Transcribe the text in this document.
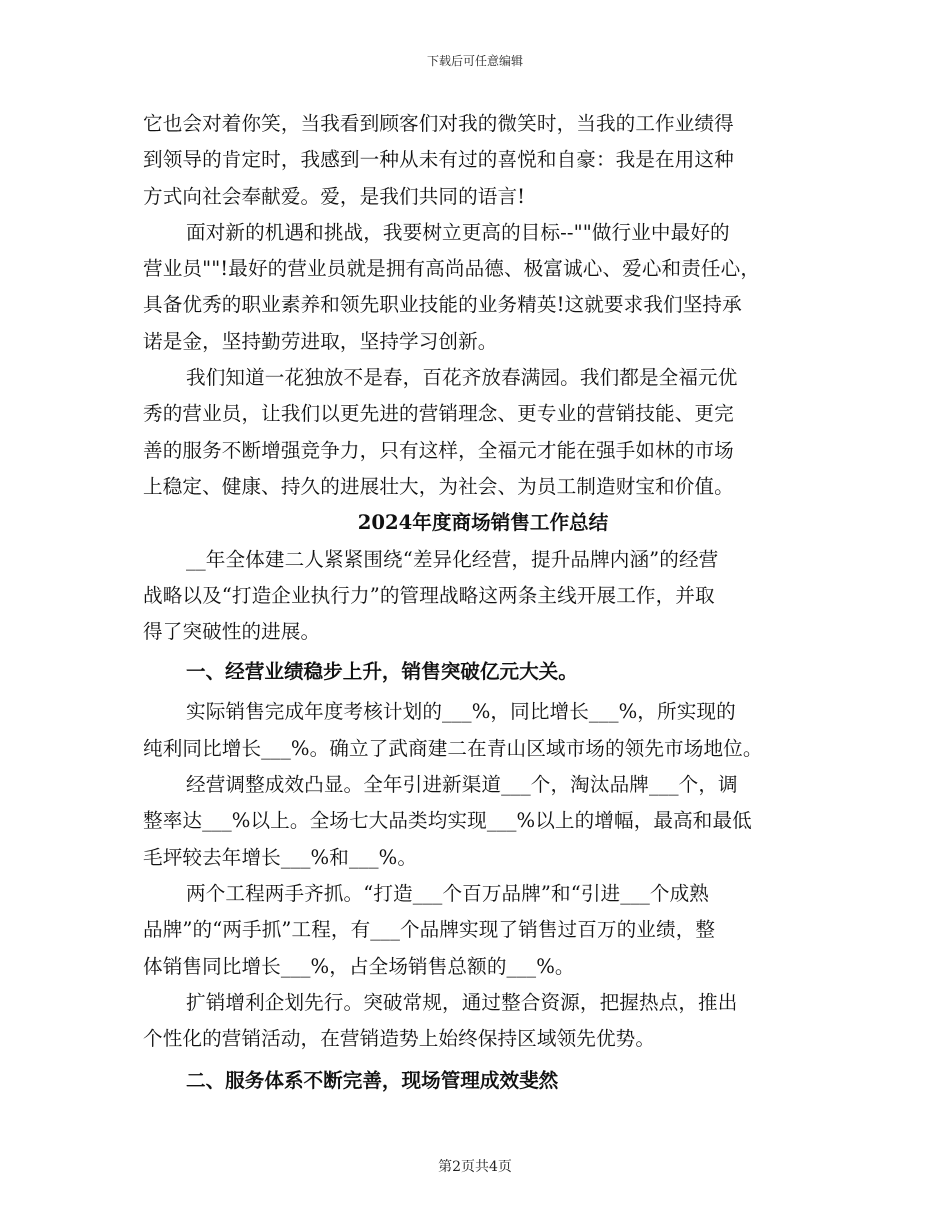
下载后可任意编辑

它也会对着你笑，当我看到顾客们对我的微笑时，当我的工作业绩得
到领导的肯定时，我感到一种从未有过的喜悦和自豪：我是在用这种
方式向社会奉献爱。爱，是我们共同的语言!

面对新的机遇和挑战，我要树立更高的目标--""做行业中最好的
营业员""!最好的营业员就是拥有高尚品德、极富诚心、爱心和责任心，
具备优秀的职业素养和领先职业技能的业务精英!这就要求我们坚持承
诺是金，坚持勤劳进取，坚持学习创新。

我们知道一花独放不是春，百花齐放春满园。我们都是全福元优
秀的营业员，让我们以更先进的营销理念、更专业的营销技能、更完
善的服务不断增强竞争力，只有这样，全福元才能在强手如林的市场
上稳定、健康、持久的进展壮大，为社会、为员工制造财宝和价值。

2024年度商场销售工作总结

__年全体建二人紧紧围绕“差异化经营，提升品牌内涵”的经营
战略以及“打造企业执行力”的管理战略这两条主线开展工作，并取
得了突破性的进展。

一、经营业绩稳步上升，销售突破亿元大关。

实际销售完成年度考核计划的___%，同比增长___%，所实现的
纯利同比增长___%。确立了武商建二在青山区域市场的领先市场地位。

经营调整成效凸显。全年引进新渠道___个，淘汰品牌___个，调
整率达___%以上。全场七大品类均实现___%以上的增幅，最高和最低
毛坪较去年增长___%和___%。

两个工程两手齐抓。“打造___个百万品牌”和“引进___个成熟
品牌”的“两手抓”工程，有___个品牌实现了销售过百万的业绩，整
体销售同比增长___%，占全场销售总额的___%。

扩销增利企划先行。突破常规，通过整合资源，把握热点，推出
个性化的营销活动，在营销造势上始终保持区域领先优势。

二、服务体系不断完善，现场管理成效斐然
第2页共4页
